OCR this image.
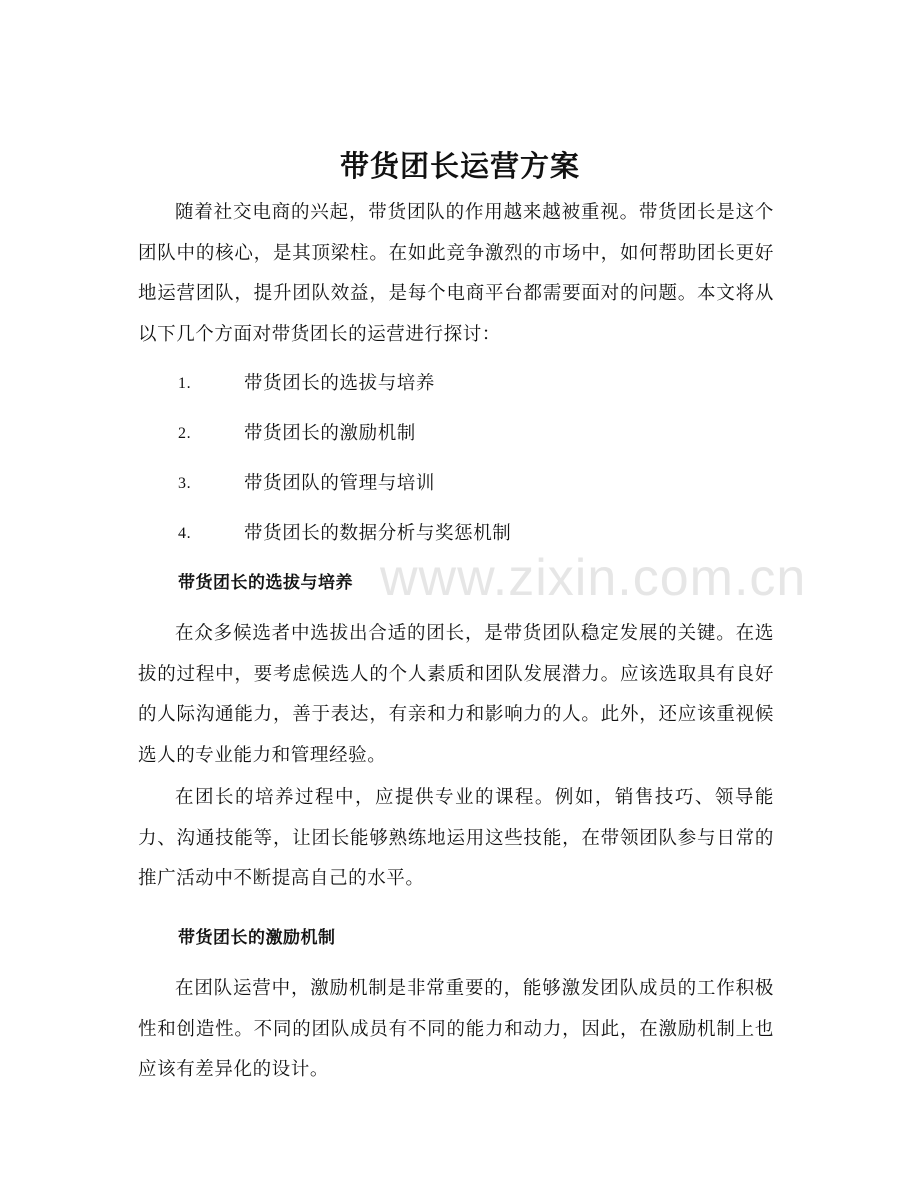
带货团长运营方案

随着社交电商的兴起，带货团队的作用越来越被重视。带货团长是这个团队中的核心，是其顶梁柱。在如此竞争激烈的市场中，如何帮助团长更好地运营团队，提升团队效益，是每个电商平台都需要面对的问题。本文将从以下几个方面对带货团长的运营进行探讨：

1.	带货团长的选拔与培养
2.	带货团长的激励机制
3.	带货团队的管理与培训
4.	带货团长的数据分析与奖惩机制
带货团长的选拔与培养

在众多候选者中选拔出合适的团长，是带货团队稳定发展的关键。在选拔的过程中，要考虑候选人的个人素质和团队发展潜力。应该选取具有良好的人际沟通能力，善于表达，有亲和力和影响力的人。此外，还应该重视候选人的专业能力和管理经验。

在团长的培养过程中，应提供专业的课程。例如，销售技巧、领导能力、沟通技能等，让团长能够熟练地运用这些技能，在带领团队参与日常的推广活动中不断提高自己的水平。

带货团长的激励机制

在团队运营中，激励机制是非常重要的，能够激发团队成员的工作积极性和创造性。不同的团队成员有不同的能力和动力，因此，在激励机制上也应该有差异化的设计。

www.zixin.com.cn
